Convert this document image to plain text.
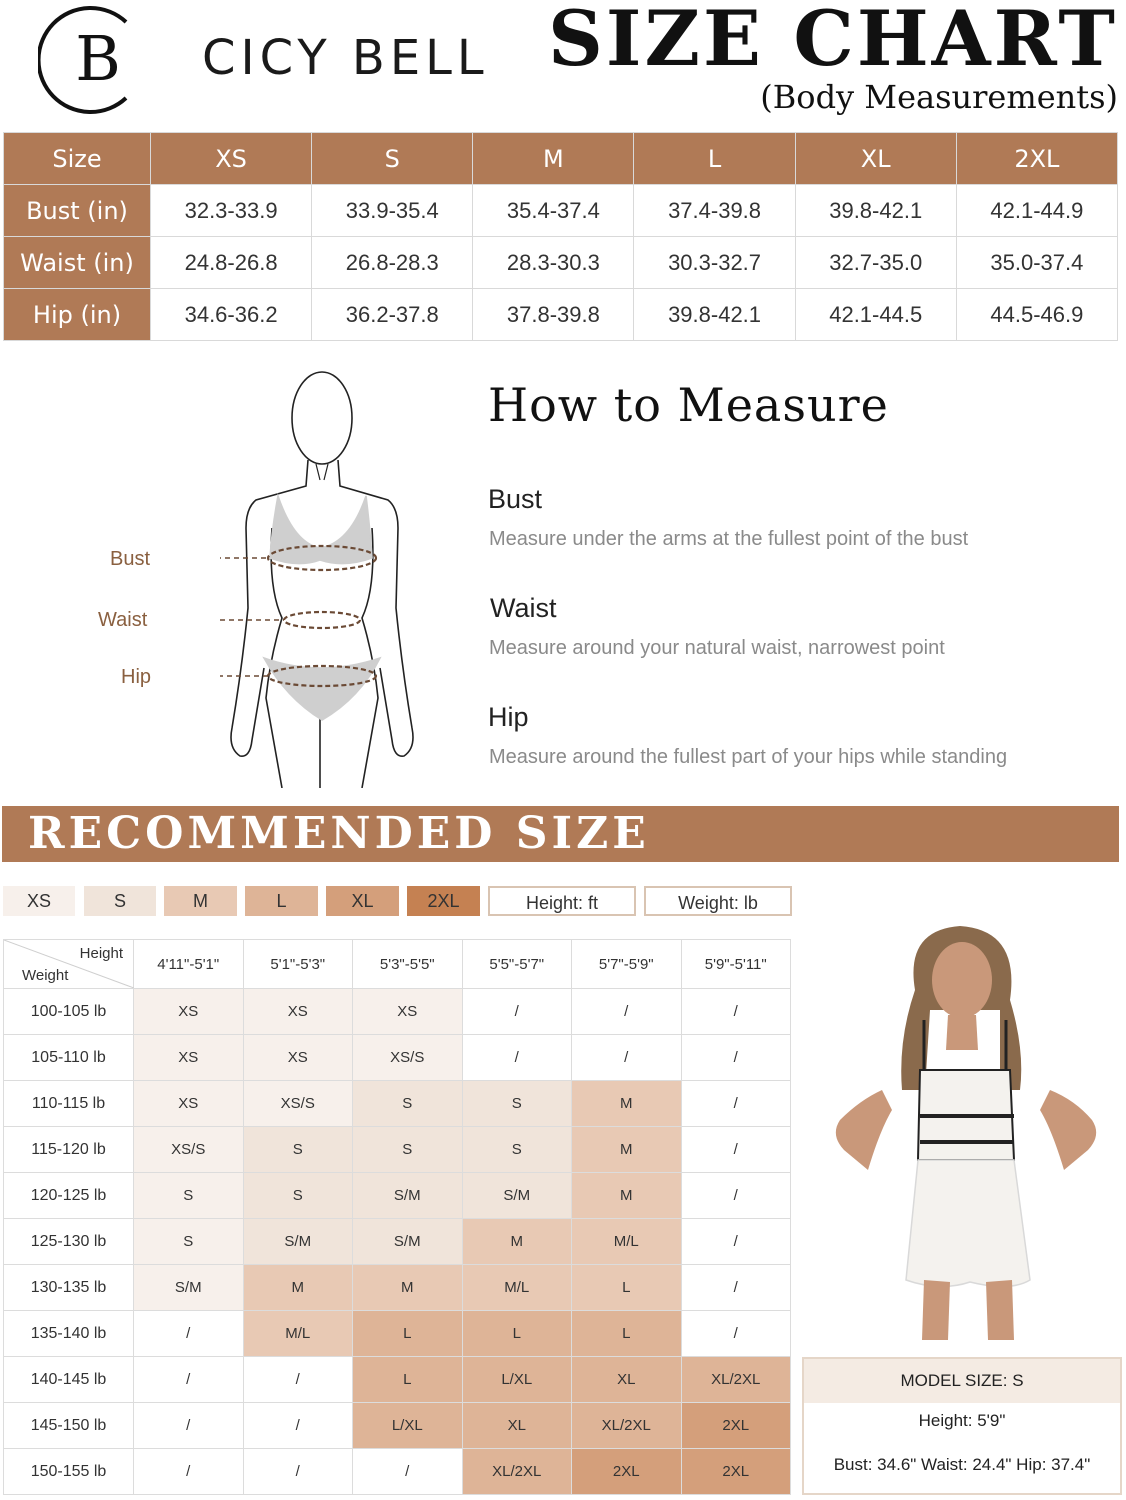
B CICY BELL SIZE CHART
(Body Measurements)
Size	XS	S	M	L	XL	2XL
Bust (in)	32.3-33.9	33.9-35.4	35.4-37.4	37.4-39.8	39.8-42.1	42.1-44.9
Waist (in)	24.8-26.8	26.8-28.3	28.3-30.3	30.3-32.7	32.7-35.0	35.0-37.4
Hip (in)	34.6-36.2	36.2-37.8	37.8-39.8	39.8-42.1	42.1-44.5	44.5-46.9
Bust
Waist
Hip
How to Measure
Bust
Measure under the arms at the fullest point of the bust
Waist
Measure around your natural waist, narrowest point
Hip
Measure around the fullest part of your hips while standing
RECOMMENDED SIZE
XS	S	M	L	XL	2XL	Height: ft	Weight: lb
Height
Weight	4'11"-5'1"	5'1"-5'3"	5'3"-5'5"	5'5"-5'7"	5'7"-5'9"	5'9"-5'11"
100-105 lb	XS	XS	XS	/	/	/
105-110 lb	XS	XS	XS/S	/	/	/
110-115 lb	XS	XS/S	S	S	M	/
115-120 lb	XS/S	S	S	S	M	/
120-125 lb	S	S	S/M	S/M	M	/
125-130 lb	S	S/M	S/M	M	M/L	/
130-135 lb	S/M	M	M	M/L	L	/
135-140 lb	/	M/L	L	L	L	/
140-145 lb	/	/	L	L/XL	XL	XL/2XL
145-150 lb	/	/	L/XL	XL	XL/2XL	2XL
150-155 lb	/	/	/	XL/2XL	2XL	2XL
MODEL SIZE: S
Height: 5'9"
Bust: 34.6" Waist: 24.4" Hip: 37.4"
